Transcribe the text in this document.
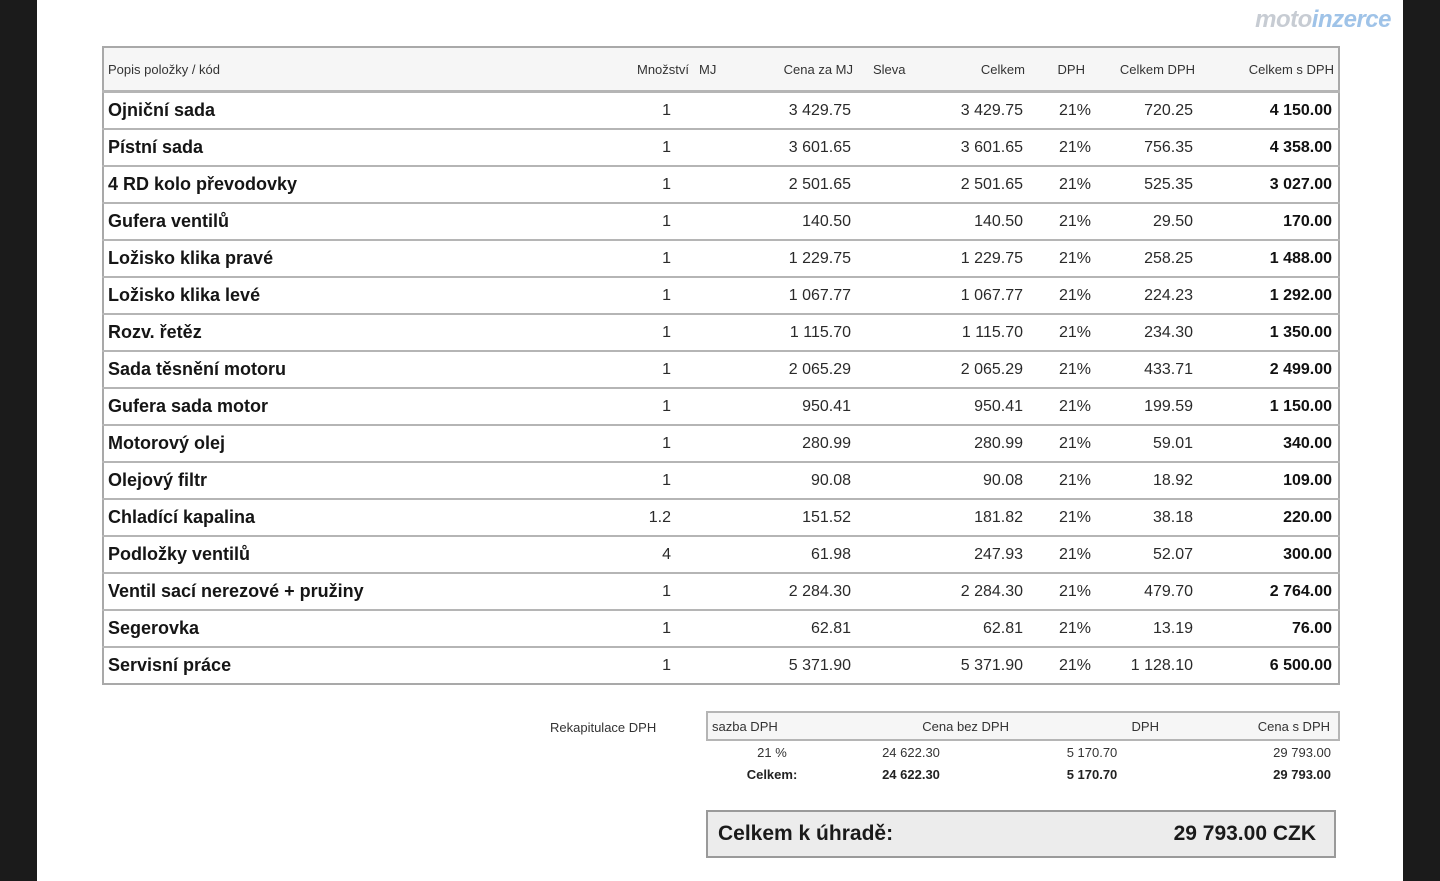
motoinzerce
Popis položky / kód	Množství	MJ	Cena za MJ	Sleva	Celkem	DPH	Celkem DPH	Celkem s DPH
Ojniční sada	1		3 429.75		3 429.75	21%	720.25	4 150.00
Pístní sada	1		3 601.65		3 601.65	21%	756.35	4 358.00
4 RD kolo převodovky	1		2 501.65		2 501.65	21%	525.35	3 027.00
Gufera ventilů	1		140.50		140.50	21%	29.50	170.00
Ložisko klika pravé	1		1 229.75		1 229.75	21%	258.25	1 488.00
Ložisko klika levé	1		1 067.77		1 067.77	21%	224.23	1 292.00
Rozv. řetěz	1		1 115.70		1 115.70	21%	234.30	1 350.00
Sada těsnění motoru	1		2 065.29		2 065.29	21%	433.71	2 499.00
Gufera sada motor	1		950.41		950.41	21%	199.59	1 150.00
Motorový olej	1		280.99		280.99	21%	59.01	340.00
Olejový filtr	1		90.08		90.08	21%	18.92	109.00
Chladící kapalina	1.2		151.52		181.82	21%	38.18	220.00
Podložky ventilů	4		61.98		247.93	21%	52.07	300.00
Ventil sací nerezové + pružiny	1		2 284.30		2 284.30	21%	479.70	2 764.00
Segerovka	1		62.81		62.81	21%	13.19	76.00
Servisní práce	1		5 371.90		5 371.90	21%	1 128.10	6 500.00
Rekapitulace DPH	sazba DPH	Cena bez DPH	DPH	Cena s DPH
21 %	24 622.30	5 170.70	29 793.00
Celkem:	24 622.30	5 170.70	29 793.00
Celkem k úhradě:	29 793.00 CZK
